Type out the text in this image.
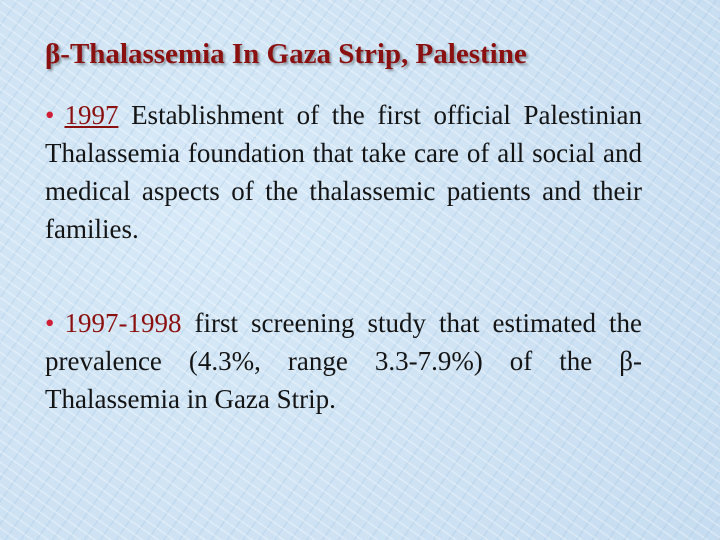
β-Thalassemia In Gaza Strip, Palestine
• 1997 Establishment of the first official Palestinian Thalassemia foundation that take care of all social and medical aspects of the thalassemic patients and their families.
• 1997-1998 first screening study that estimated the prevalence (4.3%, range 3.3-7.9%) of the β-Thalassemia in Gaza Strip.
